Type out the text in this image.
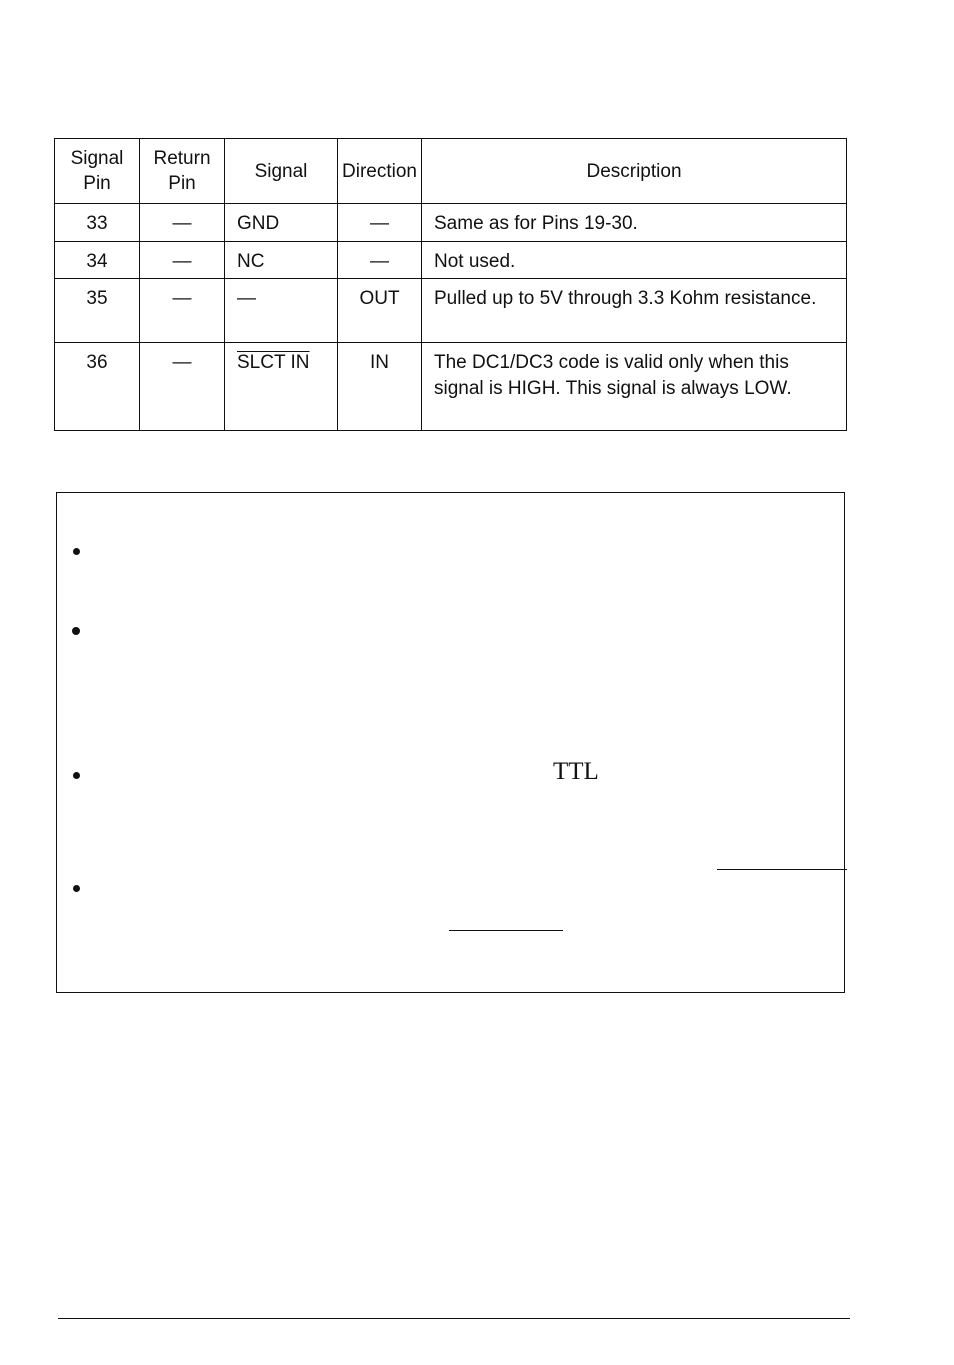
Signal Pin	Return Pin	Signal	Direction	Description
33	—	GND	—	Same as for Pins 19-30.
34	—	NC	—	Not used.
35	—	—	OUT	Pulled up to 5V through 3.3 Kohm resistance.
36	—	SLCT IN	IN	The DC1/DC3 code is valid only when this signal is HIGH. This signal is always LOW.
TTL
